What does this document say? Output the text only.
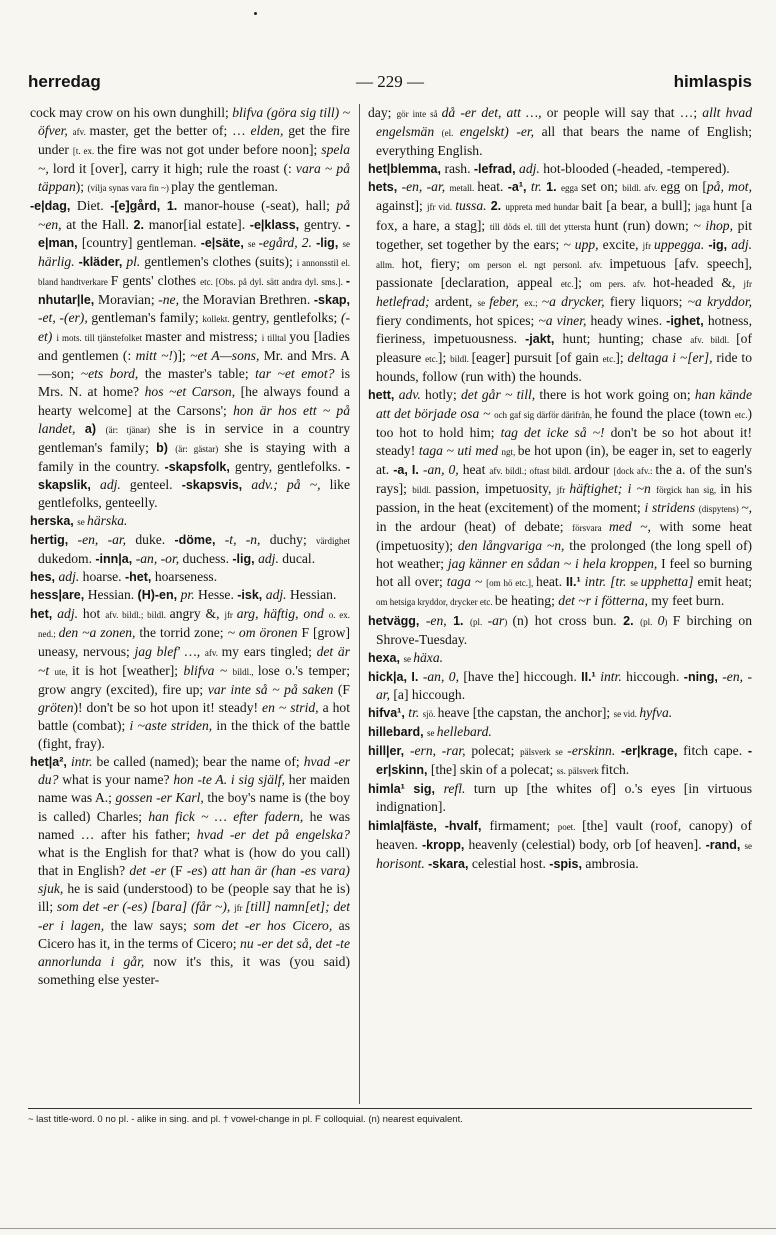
herredag	— 229 —	himlaspis

cock may crow on his own dunghill; blifva (göra sig till) ~ öfver, afv. master, get the better of; … elden, get the fire under [t. ex. the fire was not got under before noon]; spela ~, lord it [over], carry it high; rule the roast (: vara ~ på täppan); (vilja synas vara fin ~) play the gentleman.

-e|dag, Diet. -[e]gård, 1. manor-house (-seat), hall; på ~en, at the Hall. 2. manor[ial estate]. -e|klass, gentry. -e|man, [country] gentleman. -e|säte, se -egård, 2. -lig, se härlig. -kläder, pl. gentlemen's clothes (suits); i annonsstil el. bland handtverkare F gents' clothes etc. [Obs. på dyl. sätt andra dyl. sms.]. -nhutar|le, Moravian; -ne, the Moravian Brethren. -skap, -et, -(er), gentleman's family; kollekt. gentry, gentlefolks; (-et) i mots. till tjänstefolket master and mistress; i tilltal you [ladies and gentlemen (: mitt ~!)]; ~et A—sons, Mr. and Mrs. A—son; ~ets bord, the master's table; tar ~et emot? is Mrs. N. at home? hos ~et Carson, [he always found a hearty welcome] at the Carsons'; hon är hos ett ~ på landet, a) (är: tjänar) she is in service in a country gentleman's family; b) (är: gästar) she is staying with a family in the country. -skapsfolk, gentry, gentlefolks. -skapslik, adj. genteel. -skapsvis, adv.; på ~, like gentlefolks, genteelly.

herska, se härska.

hertig, -en, -ar, duke. -döme, -t, -n, duchy; värdighet dukedom. -inn|a, -an, -or, duchess. -lig, adj. ducal.

hes, adj. hoarse. -het, hoarseness.

hess|are, Hessian. (H)-en, pr. Hesse. -isk, adj. Hessian.

het, adj. hot afv. bildl.; bildl. angry &, jfr arg, häftig, ond o. ex. ned.; den ~a zonen, the torrid zone; ~ om öronen F [grow] uneasy, nervous; jag blef' …, afv. my ears tingled; det är ~t ute, it is hot [weather]; blifva ~ bildl., lose o.'s temper; grow angry (excited), fire up; var inte så ~ på saken (F gröten)! don't be so hot upon it! steady! en ~ strid, a hot battle (combat); i ~aste striden, in the thick of the battle (fight, fray).

het|a², intr. be called (named); bear the name of; hvad -er du? what is your name? hon -te A. i sig själf, her maiden name was A.; gossen -er Karl, the boy's name is (the boy is called) Charles; han fick ~ … efter fadern, he was named … after his father; hvad -er det på engelska? what is the English for that? what is (how do you call) that in English? det -er (F -es) att han är (han -es vara) sjuk, he is said (understood) to be (people say that he is) ill; som det -er (-es) [bara] (får ~), jfr [till] namn[et]; det -er i lagen, the law says; som det -er hos Cicero, as Cicero has it, in the terms of Cicero; nu -er det så, det -te annorlunda i går, now it's this, it was (you said) something else yester-

day; gör inte så då -er det, att …, or people will say that …; allt hvad engelsmän (el. engelskt) -er, all that bears the name of English; everything English.

het|blemma, rash. -lefrad, adj. hot-blooded (-headed, -tempered).

hets, -en, -ar, metall. heat. -a¹, tr. 1. egga set on; bildl. afv. egg on [på, mot, against]; jfr vid. tussa. 2. uppreta med hundar bait [a bear, a bull]; jaga hunt [a fox, a hare, a stag]; till döds el. till det yttersta hunt (run) down; ~ ihop, pit together, set together by the ears; ~ upp, excite, jfr uppegga. -ig, adj. allm. hot, fiery; om person el. ngt personl. afv. impetuous [afv. speech], passionate [declaration, appeal etc.]; om pers. afv. hot-headed &, jfr hetlefrad; ardent, se feber, ex.; ~a drycker, fiery liquors; ~a kryddor, fiery condiments, hot spices; ~a viner, heady wines. -ighet, hotness, fieriness, impetuousness. -jakt, hunt; hunting; chase afv. bildl. [of pleasure etc.]; bildl. [eager] pursuit [of gain etc.]; deltaga i ~[er], ride to hounds, follow (run with) the hounds.

hett, adv. hotly; det går ~ till, there is hot work going on; han kände att det började osa ~ och gaf sig därför därifrån, he found the place (town etc.) too hot to hold him; tag det icke så ~! don't be so hot about it! steady! taga ~ uti med ngt, be hot upon (in), be eager in, set to eagerly at. -a, I. -an, 0, heat afv. bildl.; oftast bildl. ardour [dock afv.: the a. of the sun's rays]; bildl. passion, impetuosity, jfr häftighet; i ~n förgick han sig, in his passion, in the heat (excitement) of the moment; i stridens (dispytens) ~, in the ardour (heat) of debate; försvara med ~, with some heat (impetuosity); den långvariga ~n, the prolonged (the long spell of) hot weather; jag känner en sådan ~ i hela kroppen, I feel so burning hot all over; taga ~ [om hö etc.], heat. II.¹ intr. [tr. se upphetta] emit heat; om hetsiga kryddor, drycker etc. be heating; det ~r i fötterna, my feet burn.

hetvägg, -en, 1. (pl. -ar) (n) hot cross bun. 2. (pl. 0) F birching on Shrove-Tuesday.

hexa, se häxa.

hick|a, I. -an, 0, [have the] hiccough. II.¹ intr. hiccough. -ning, -en, -ar, [a] hiccough.

hifva¹, tr. sjö. heave [the capstan, the anchor]; se vid. hyfva.

hillebard, se hellebard.

hill|er, -ern, -rar, polecat; pälsverk se -erskinn. -er|krage, fitch cape. -er|skinn, [the] skin of a polecat; ss. pälsverk fitch.

himla¹ sig, refl. turn up [the whites of] o.'s eyes [in virtuous indignation].

himla|fäste, -hvalf, firmament; poet. [the] vault (roof, canopy) of heaven. -kropp, heavenly (celestial) body, orb [of heaven]. -rand, se horisont. -skara, celestial host. -spis, ambrosia.

~ last title-word. 0 no pl. - alike in sing. and pl. † vowel-change in pl. F colloquial. (n) nearest equivalent.
